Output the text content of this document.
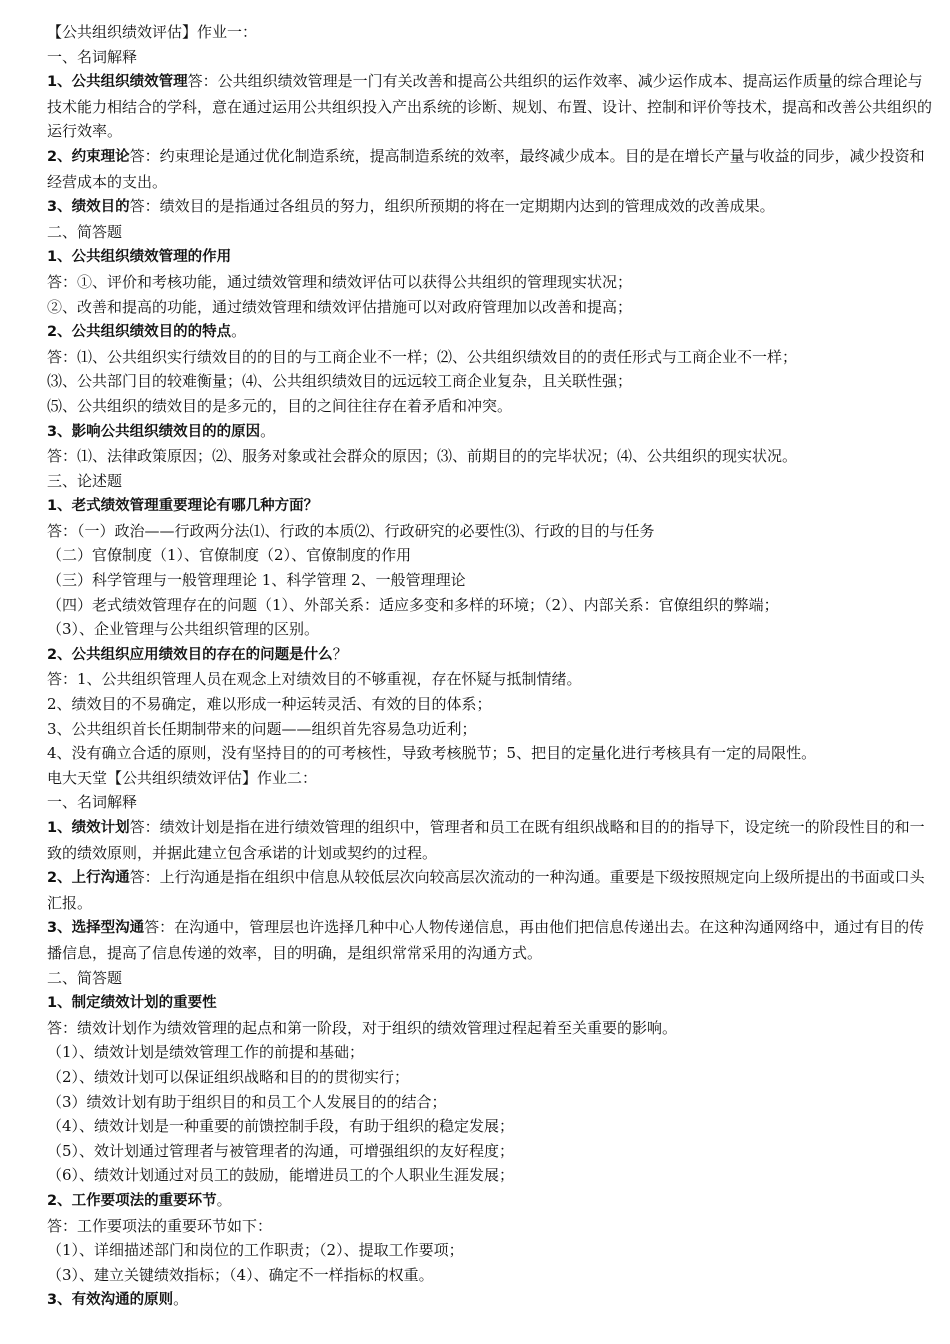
【公共组织绩效评估】作业一：
一、名词解释
1、公共组织绩效管理答：公共组织绩效管理是一门有关改善和提高公共组织的运作效率、减少运作成本、提高运作质量的综合理论与技术能力相结合的学科，意在通过运用公共组织投入产出系统的诊断、规划、布置、设计、控制和评价等技术，提高和改善公共组织的运行效率。
2、约束理论答：约束理论是通过优化制造系统，提高制造系统的效率，最终减少成本。目的是在增长产量与收益的同步，减少投资和经营成本的支出。
3、绩效目的答：绩效目的是指通过各组员的努力，组织所预期的将在一定期期内达到的管理成效的改善成果。
二、简答题
1、公共组织绩效管理的作用
答：①、评价和考核功能，通过绩效管理和绩效评估可以获得公共组织的管理现实状况；
②、改善和提高的功能，通过绩效管理和绩效评估措施可以对政府管理加以改善和提高；
2、公共组织绩效目的的特点。
答：⑴、公共组织实行绩效目的的目的与工商企业不一样；⑵、公共组织绩效目的的责任形式与工商企业不一样；
⑶、公共部门目的较难衡量；⑷、公共组织绩效目的远远较工商企业复杂，且关联性强；
⑸、公共组织的绩效目的是多元的，目的之间往往存在着矛盾和冲突。
3、影响公共组织绩效目的的原因。
答：⑴、法律政策原因；⑵、服务对象或社会群众的原因；⑶、前期目的的完毕状况；⑷、公共组织的现实状况。
三、论述题
1、老式绩效管理重要理论有哪几种方面？
答：（一）政治——行政两分法⑴、行政的本质⑵、行政研究的必要性⑶、行政的目的与任务
（二）官僚制度（1）、官僚制度（2）、官僚制度的作用
（三）科学管理与一般管理理论 1、科学管理 2、一般管理理论
（四）老式绩效管理存在的问题（1）、外部关系：适应多变和多样的环境；（2）、内部关系：官僚组织的弊端；
（3）、企业管理与公共组织管理的区别。
2、公共组织应用绩效目的存在的问题是什么？
答：1、公共组织管理人员在观念上对绩效目的不够重视，存在怀疑与抵制情绪。
2、绩效目的不易确定，难以形成一种运转灵活、有效的目的体系；
3、公共组织首长任期制带来的问题——组织首先容易急功近利；
4、没有确立合适的原则，没有坚持目的的可考核性，导致考核脱节；5、把目的定量化进行考核具有一定的局限性。
电大天堂【公共组织绩效评估】作业二：
一、名词解释
1、绩效计划答：绩效计划是指在进行绩效管理的组织中，管理者和员工在既有组织战略和目的的指导下，设定统一的阶段性目的和一致的绩效原则，并据此建立包含承诺的计划或契约的过程。
2、上行沟通答：上行沟通是指在组织中信息从较低层次向较高层次流动的一种沟通。重要是下级按照规定向上级所提出的书面或口头汇报。
3、选择型沟通答：在沟通中，管理层也许选择几种中心人物传递信息，再由他们把信息传递出去。在这种沟通网络中，通过有目的传播信息，提高了信息传递的效率，目的明确，是组织常常采用的沟通方式。
二、简答题
1、制定绩效计划的重要性
答：绩效计划作为绩效管理的起点和第一阶段，对于组织的绩效管理过程起着至关重要的影响。
（1）、绩效计划是绩效管理工作的前提和基础；
（2）、绩效计划可以保证组织战略和目的的贯彻实行；
（3）绩效计划有助于组织目的和员工个人发展目的的结合；
（4）、绩效计划是一种重要的前馈控制手段，有助于组织的稳定发展；
（5）、效计划通过管理者与被管理者的沟通，可增强组织的友好程度；
（6）、绩效计划通过对员工的鼓励，能增进员工的个人职业生涯发展；
2、工作要项法的重要环节。
答：工作要项法的重要环节如下：
（1）、详细描述部门和岗位的工作职责；（2）、提取工作要项；
（3）、建立关键绩效指标；（4）、确定不一样指标的权重。
3、有效沟通的原则。
